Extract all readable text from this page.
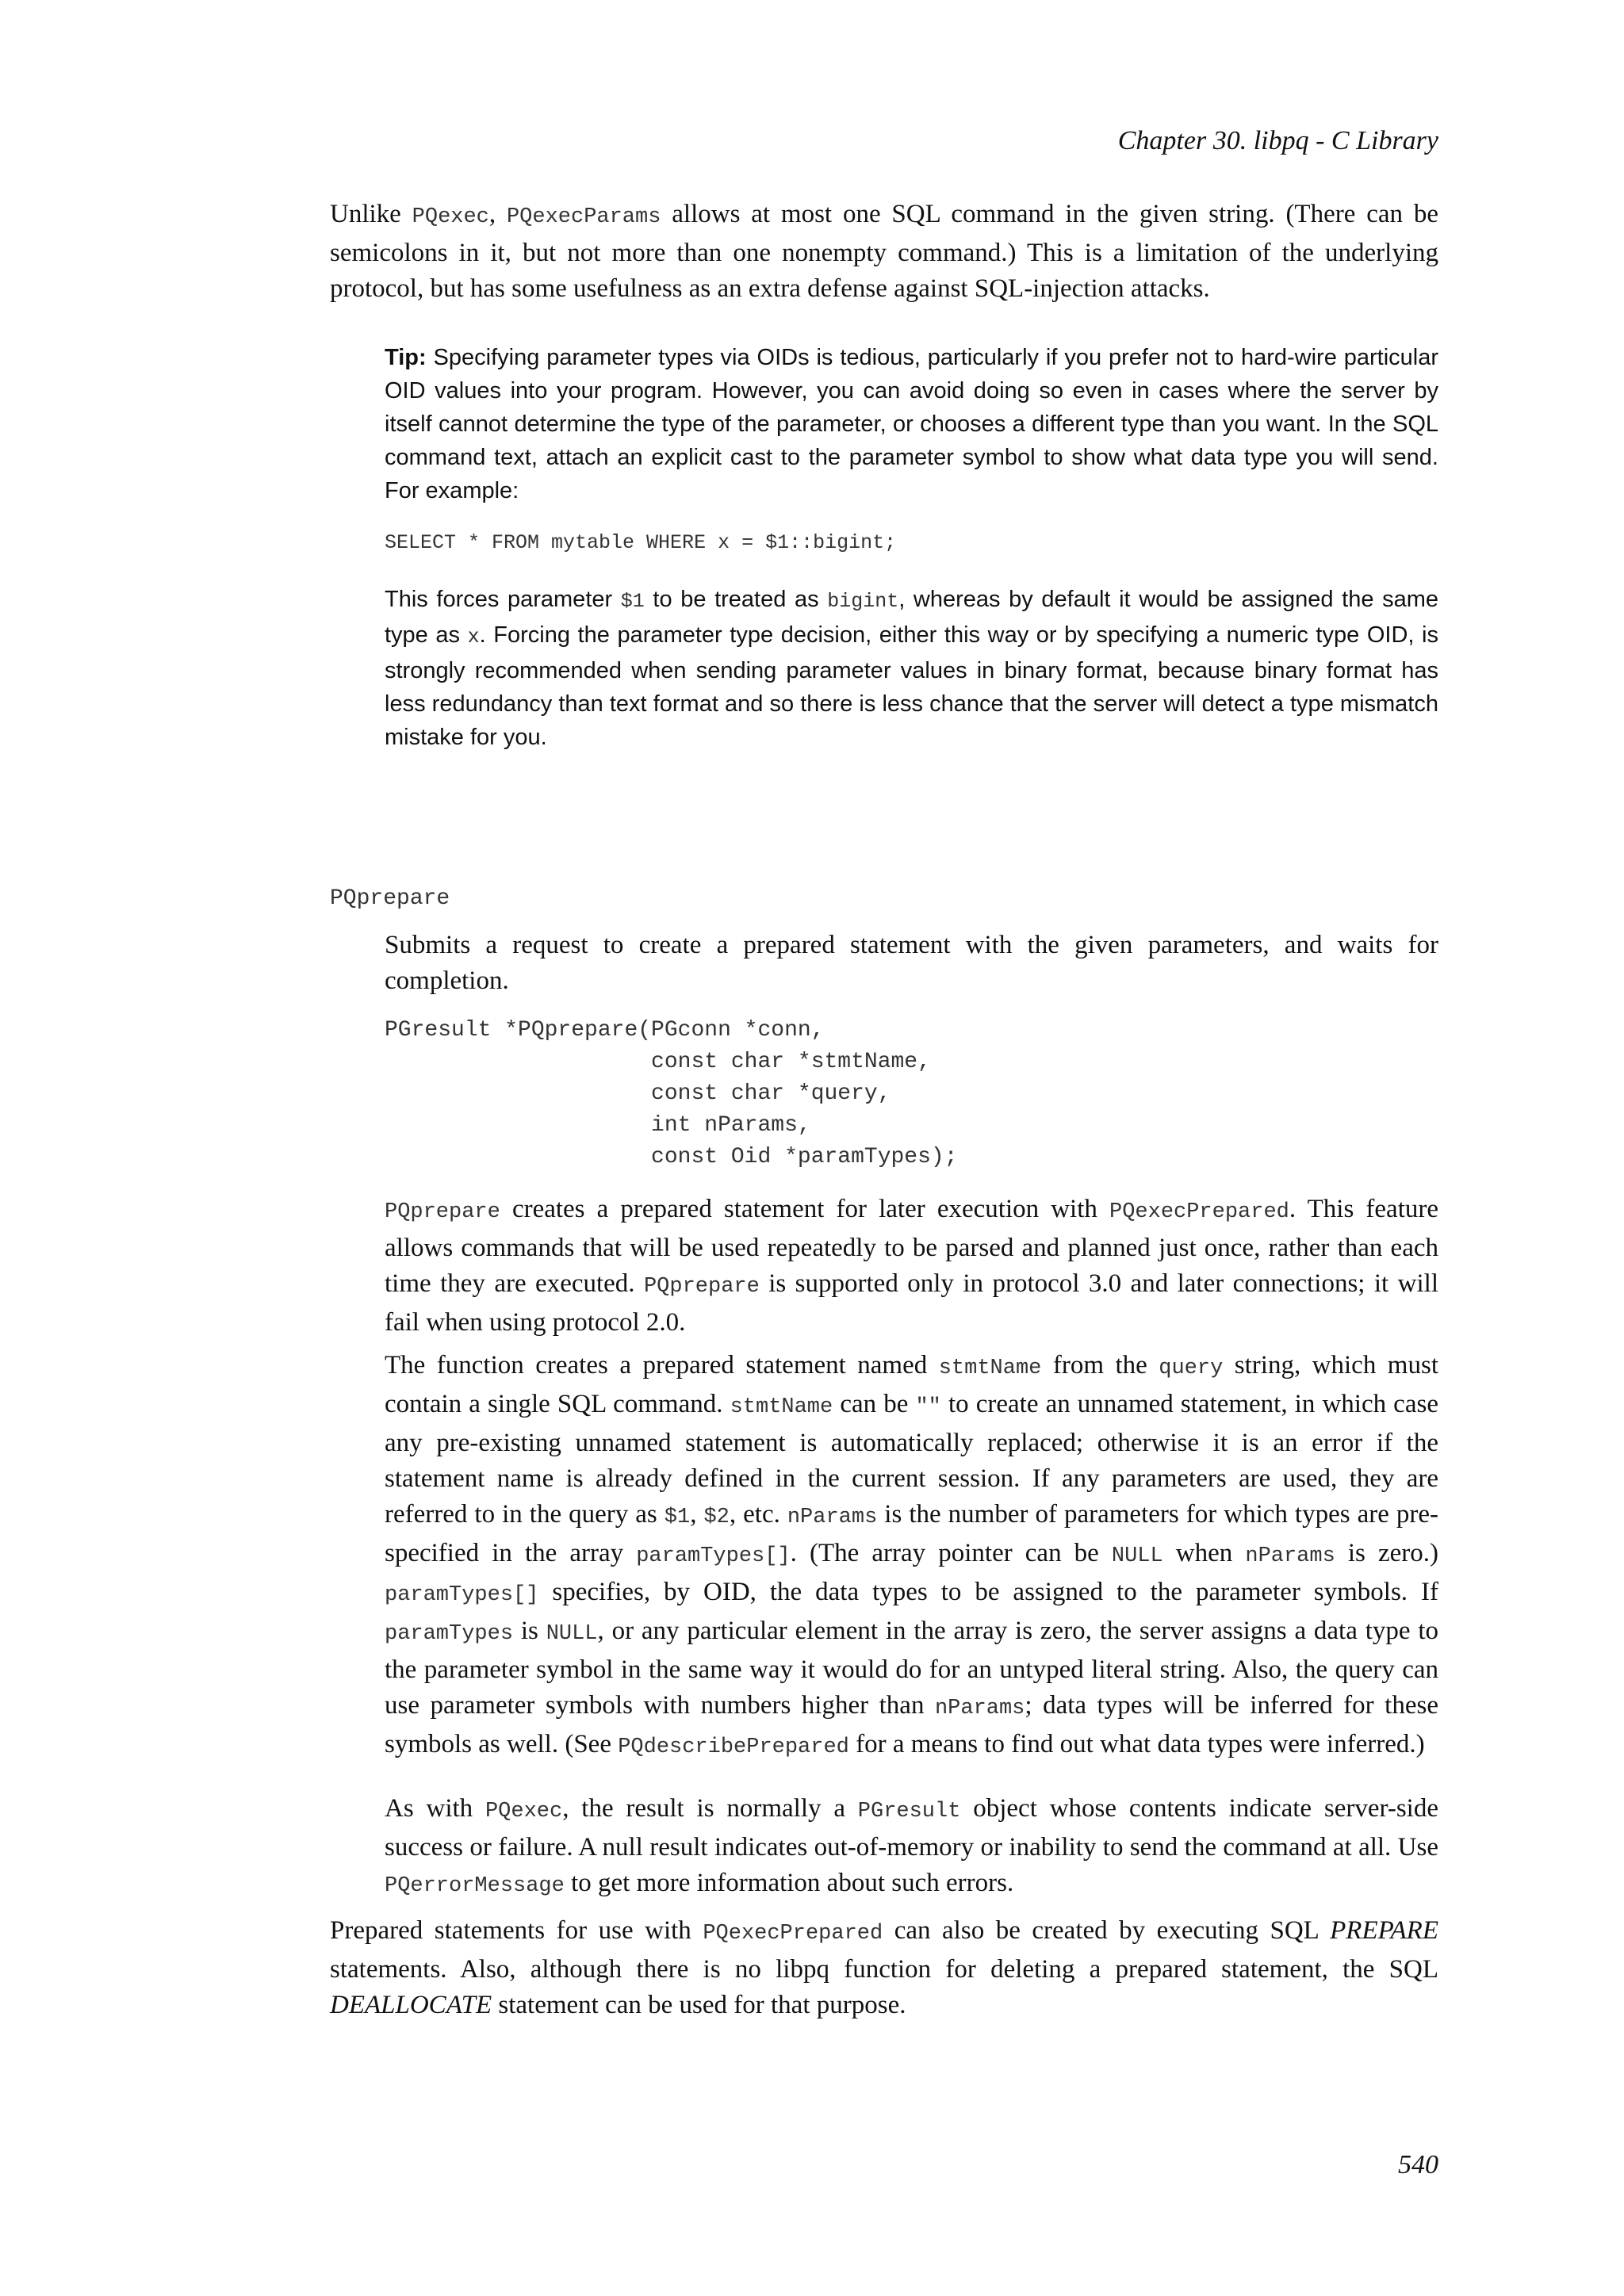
Chapter 30. libpq - C Library

Unlike PQexec, PQexecParams allows at most one SQL command in the given string. (There can be semicolons in it, but not more than one nonempty command.) This is a limitation of the underlying protocol, but has some usefulness as an extra defense against SQL-injection attacks.

Tip: Specifying parameter types via OIDs is tedious, particularly if you prefer not to hard-wire particular OID values into your program. However, you can avoid doing so even in cases where the server by itself cannot determine the type of the parameter, or chooses a different type than you want. In the SQL command text, attach an explicit cast to the parameter symbol to show what data type you will send. For example:
SELECT * FROM mytable WHERE x = $1::bigint;
This forces parameter $1 to be treated as bigint, whereas by default it would be assigned the same type as x. Forcing the parameter type decision, either this way or by specifying a numeric type OID, is strongly recommended when sending parameter values in binary format, because binary format has less redundancy than text format and so there is less chance that the server will detect a type mismatch mistake for you.
PQprepare

Submits a request to create a prepared statement with the given parameters, and waits for completion.

PGresult *PQprepare(PGconn *conn,
const char *stmtName,
const char *query,
int nParams,
const Oid *paramTypes);

PQprepare creates a prepared statement for later execution with PQexecPrepared. This feature allows commands that will be used repeatedly to be parsed and planned just once, rather than each time they are executed. PQprepare is supported only in protocol 3.0 and later connections; it will fail when using protocol 2.0.

The function creates a prepared statement named stmtName from the query string, which must contain a single SQL command. stmtName can be "" to create an unnamed statement, in which case any pre-existing unnamed statement is automatically replaced; otherwise it is an error if the statement name is already defined in the current session. If any parameters are used, they are referred to in the query as $1, $2, etc. nParams is the number of parameters for which types are pre-specified in the array paramTypes[]. (The array pointer can be NULL when nParams is zero.) paramTypes[] specifies, by OID, the data types to be assigned to the parameter symbols. If paramTypes is NULL, or any particular element in the array is zero, the server assigns a data type to the parameter symbol in the same way it would do for an untyped literal string. Also, the query can use parameter symbols with numbers higher than nParams; data types will be inferred for these symbols as well. (See PQdescribePrepared for a means to find out what data types were inferred.)

As with PQexec, the result is normally a PGresult object whose contents indicate server-side success or failure. A null result indicates out-of-memory or inability to send the command at all. Use PQerrorMessage to get more information about such errors.

Prepared statements for use with PQexecPrepared can also be created by executing SQL PREPARE statements. Also, although there is no libpq function for deleting a prepared statement, the SQL DEALLOCATE statement can be used for that purpose.

540
